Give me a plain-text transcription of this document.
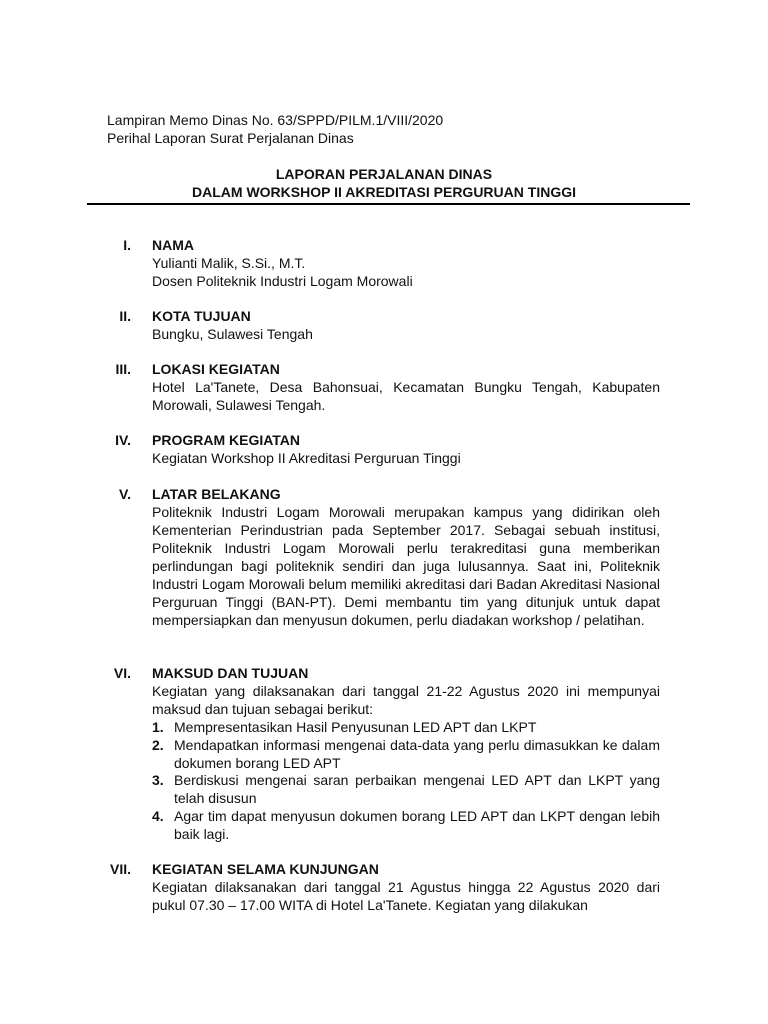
Lampiran Memo Dinas No. 63/SPPD/PILM.1/VIII/2020
Perihal Laporan Surat Perjalanan Dinas
LAPORAN PERJALANAN DINAS
DALAM WORKSHOP II AKREDITASI PERGURUAN TINGGI
I. NAMA
Yulianti Malik, S.Si., M.T.
Dosen Politeknik Industri Logam Morowali
II. KOTA TUJUAN
Bungku, Sulawesi Tengah
III. LOKASI KEGIATAN
Hotel La'Tanete, Desa Bahonsuai, Kecamatan Bungku Tengah, Kabupaten Morowali, Sulawesi Tengah.
IV. PROGRAM KEGIATAN
Kegiatan Workshop II Akreditasi Perguruan Tinggi
V. LATAR BELAKANG
Politeknik Industri Logam Morowali merupakan kampus yang didirikan oleh Kementerian Perindustrian pada September 2017. Sebagai sebuah institusi, Politeknik Industri Logam Morowali perlu terakreditasi guna memberikan perlindungan bagi politeknik sendiri dan juga lulusannya. Saat ini, Politeknik Industri Logam Morowali belum memiliki akreditasi dari Badan Akreditasi Nasional Perguruan Tinggi (BAN-PT). Demi membantu tim yang ditunjuk untuk dapat mempersiapkan dan menyusun dokumen, perlu diadakan workshop / pelatihan.
VI. MAKSUD DAN TUJUAN
Kegiatan yang dilaksanakan dari tanggal 21-22 Agustus 2020 ini mempunyai maksud dan tujuan sebagai berikut:
1. Mempresentasikan Hasil Penyusunan LED APT dan LKPT
2. Mendapatkan informasi mengenai data-data yang perlu dimasukkan ke dalam dokumen borang LED APT
3. Berdiskusi mengenai saran perbaikan mengenai LED APT dan LKPT yang telah disusun
4. Agar tim dapat menyusun dokumen borang LED APT dan LKPT dengan lebih baik lagi.
VII. KEGIATAN SELAMA KUNJUNGAN
Kegiatan dilaksanakan dari tanggal 21 Agustus hingga 22 Agustus 2020 dari pukul 07.30 – 17.00 WITA di Hotel La'Tanete. Kegiatan yang dilakukan
